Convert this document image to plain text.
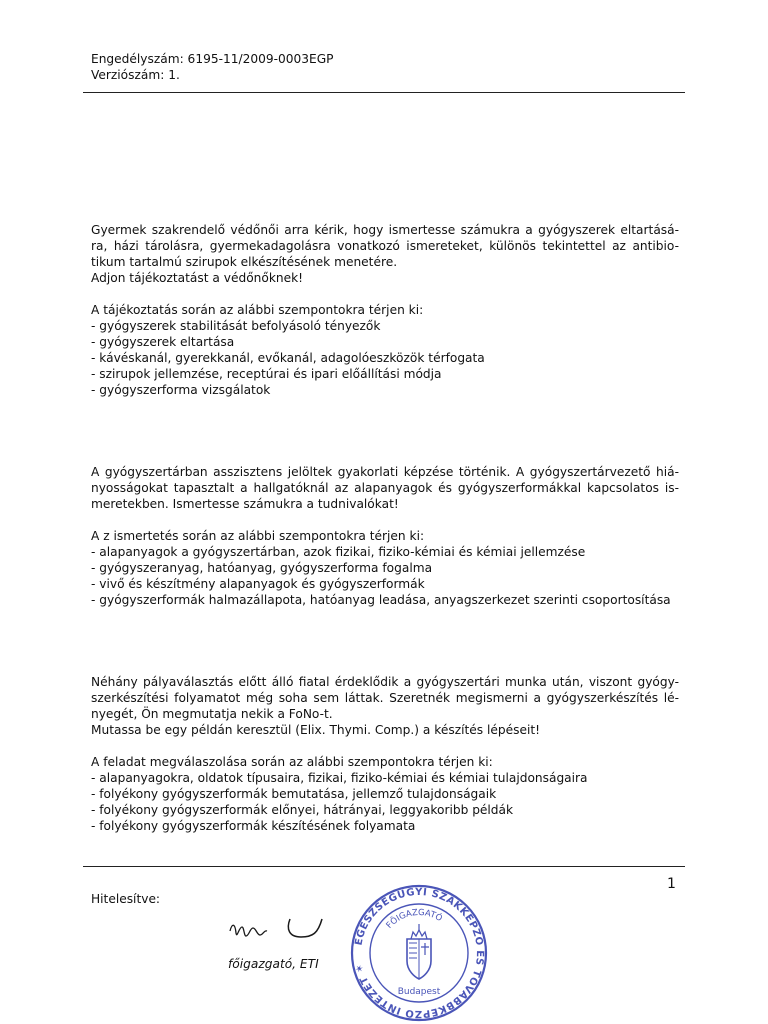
Engedélyszám: 6195-11/2009-0003EGP
Verziószám: 1.

Gyermek szakrendelő védőnői arra kérik, hogy ismertesse számukra a gyógyszerek eltartásá-ra, házi tárolásra, gyermekadagolásra vonatkozó ismereteket, különös tekintettel az antibio-tikum tartalmú szirupok elkészítésének menetére.

Adjon tájékoztatást a védőnőknek!

A tájékoztatás során az alábbi szempontokra térjen ki:

- gyógyszerek stabilitását befolyásoló tényezők

- gyógyszerek eltartása

- kávéskanál, gyerekkanál, evőkanál, adagolóeszközök térfogata

- szirupok jellemzése, receptúrai és ipari előállítási módja

- gyógyszerforma vizsgálatok

A gyógyszertárban asszisztens jelöltek gyakorlati képzése történik. A gyógyszertárvezető hiá-nyosságokat tapasztalt a hallgatóknál az alapanyagok és gyógyszerformákkal kapcsolatos is-meretekben. Ismertesse számukra a tudnivalókat!

A z ismertetés során az alábbi szempontokra térjen ki:

- alapanyagok a gyógyszertárban, azok fizikai, fiziko-kémiai és kémiai jellemzése

- gyógyszeranyag, hatóanyag, gyógyszerforma fogalma

- vivő és készítmény alapanyagok és gyógyszerformák

- gyógyszerformák halmazállapota, hatóanyag leadása, anyagszerkezet szerinti csoportosítása

Néhány pályaválasztás előtt álló fiatal érdeklődik a gyógyszertári munka után, viszont gyógy-szerkészítési folyamatot még soha sem láttak. Szeretnék megismerni a gyógyszerkészítés lé-nyegét, Ön megmutatja nekik a FoNo-t.

Mutassa be egy példán keresztül (Elix. Thymi. Comp.) a készítés lépéseit!

A feladat megválaszolása során az alábbi szempontokra térjen ki:

- alapanyagokra, oldatok típusaira, fizikai, fiziko-kémiai és kémiai tulajdonságaira

- folyékony gyógyszerformák bemutatása, jellemző tulajdonságaik

- folyékony gyógyszerformák előnyei, hátrányai, leggyakoribb példák

- folyékony gyógyszerformák készítésének folyamata

1
Hitelesítve:
főigazgató, ETI
EGÉSZSÉGÜGYI SZAKKÉPZŐ ÉS TOVÁBBKÉPZŐ INTÉZET ✶
FŐIGAZGATÓ
Budapest
